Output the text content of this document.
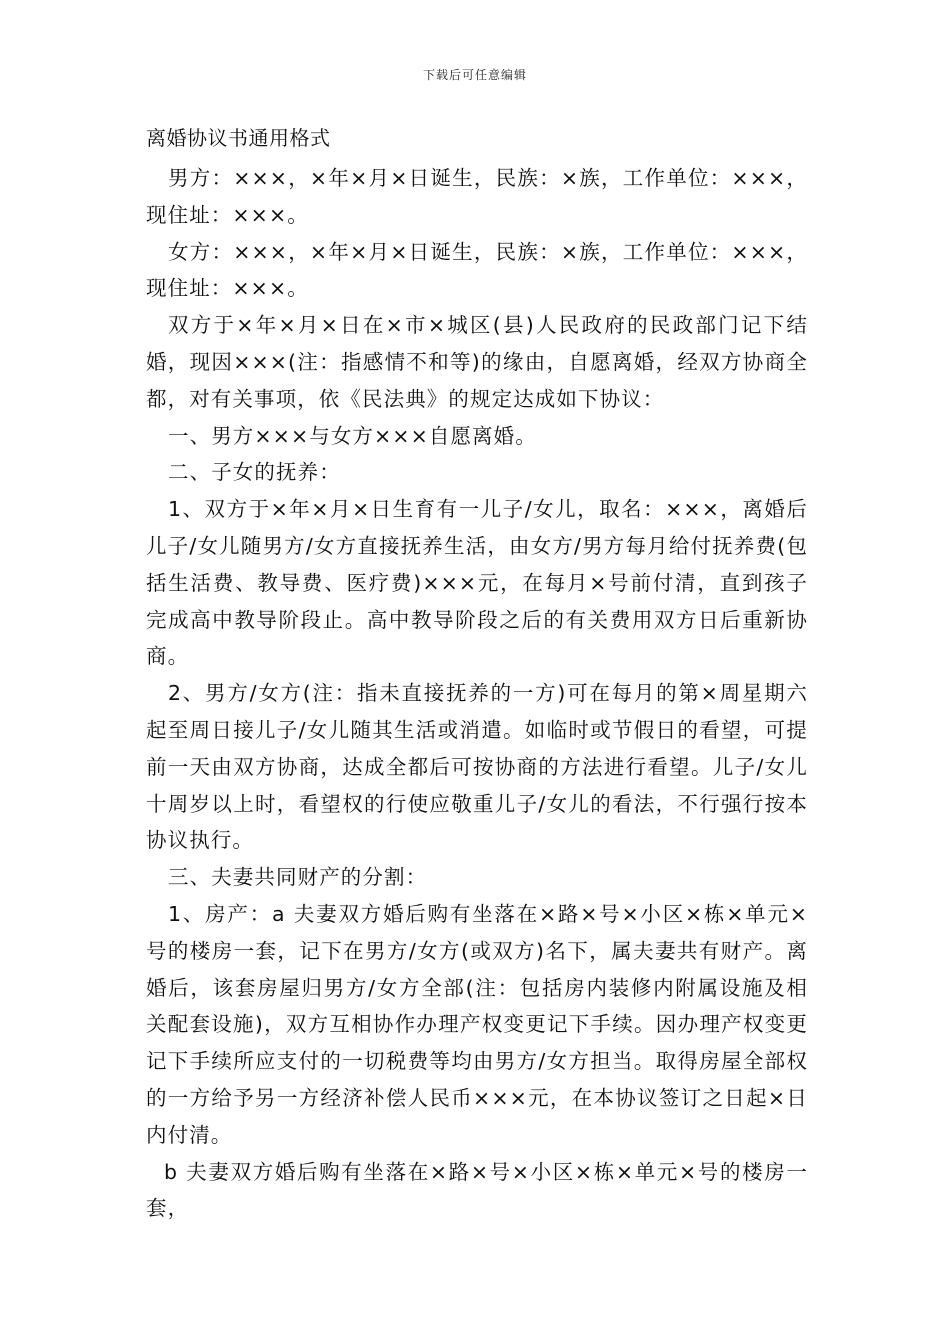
下载后可任意编辑
离婚协议书通用格式

男方：×××，×年×月×日诞生，民族：×族，工作单位：×××，现住址：×××。

女方：×××，×年×月×日诞生，民族：×族，工作单位：×××，现住址：×××。

双方于×年×月×日在×市×城区(县)人民政府的民政部门记下结婚，现因×××(注：指感情不和等)的缘由，自愿离婚，经双方协商全都，对有关事项，依《民法典》的规定达成如下协议：

一、男方×××与女方×××自愿离婚。

二、子女的抚养：

1、双方于×年×月×日生育有一儿子/女儿，取名：×××，离婚后儿子/女儿随男方/女方直接抚养生活，由女方/男方每月给付抚养费(包括生活费、教导费、医疗费)×××元，在每月×号前付清，直到孩子完成高中教导阶段止。高中教导阶段之后的有关费用双方日后重新协商。

2、男方/女方(注：指未直接抚养的一方)可在每月的第×周星期六起至周日接儿子/女儿随其生活或消遣。如临时或节假日的看望，可提前一天由双方协商，达成全都后可按协商的方法进行看望。儿子/女儿十周岁以上时，看望权的行使应敬重儿子/女儿的看法，不行强行按本协议执行。

三、夫妻共同财产的分割：

1、房产：a 夫妻双方婚后购有坐落在×路×号×小区×栋×单元×号的楼房一套，记下在男方/女方(或双方)名下，属夫妻共有财产。离婚后，该套房屋归男方/女方全部(注：包括房内装修内附属设施及相关配套设施)，双方互相协作办理产权变更记下手续。因办理产权变更记下手续所应支付的一切税费等均由男方/女方担当。取得房屋全部权的一方给予另一方经济补偿人民币×××元，在本协议签订之日起×日内付清。

b 夫妻双方婚后购有坐落在×路×号×小区×栋×单元×号的楼房一套，
